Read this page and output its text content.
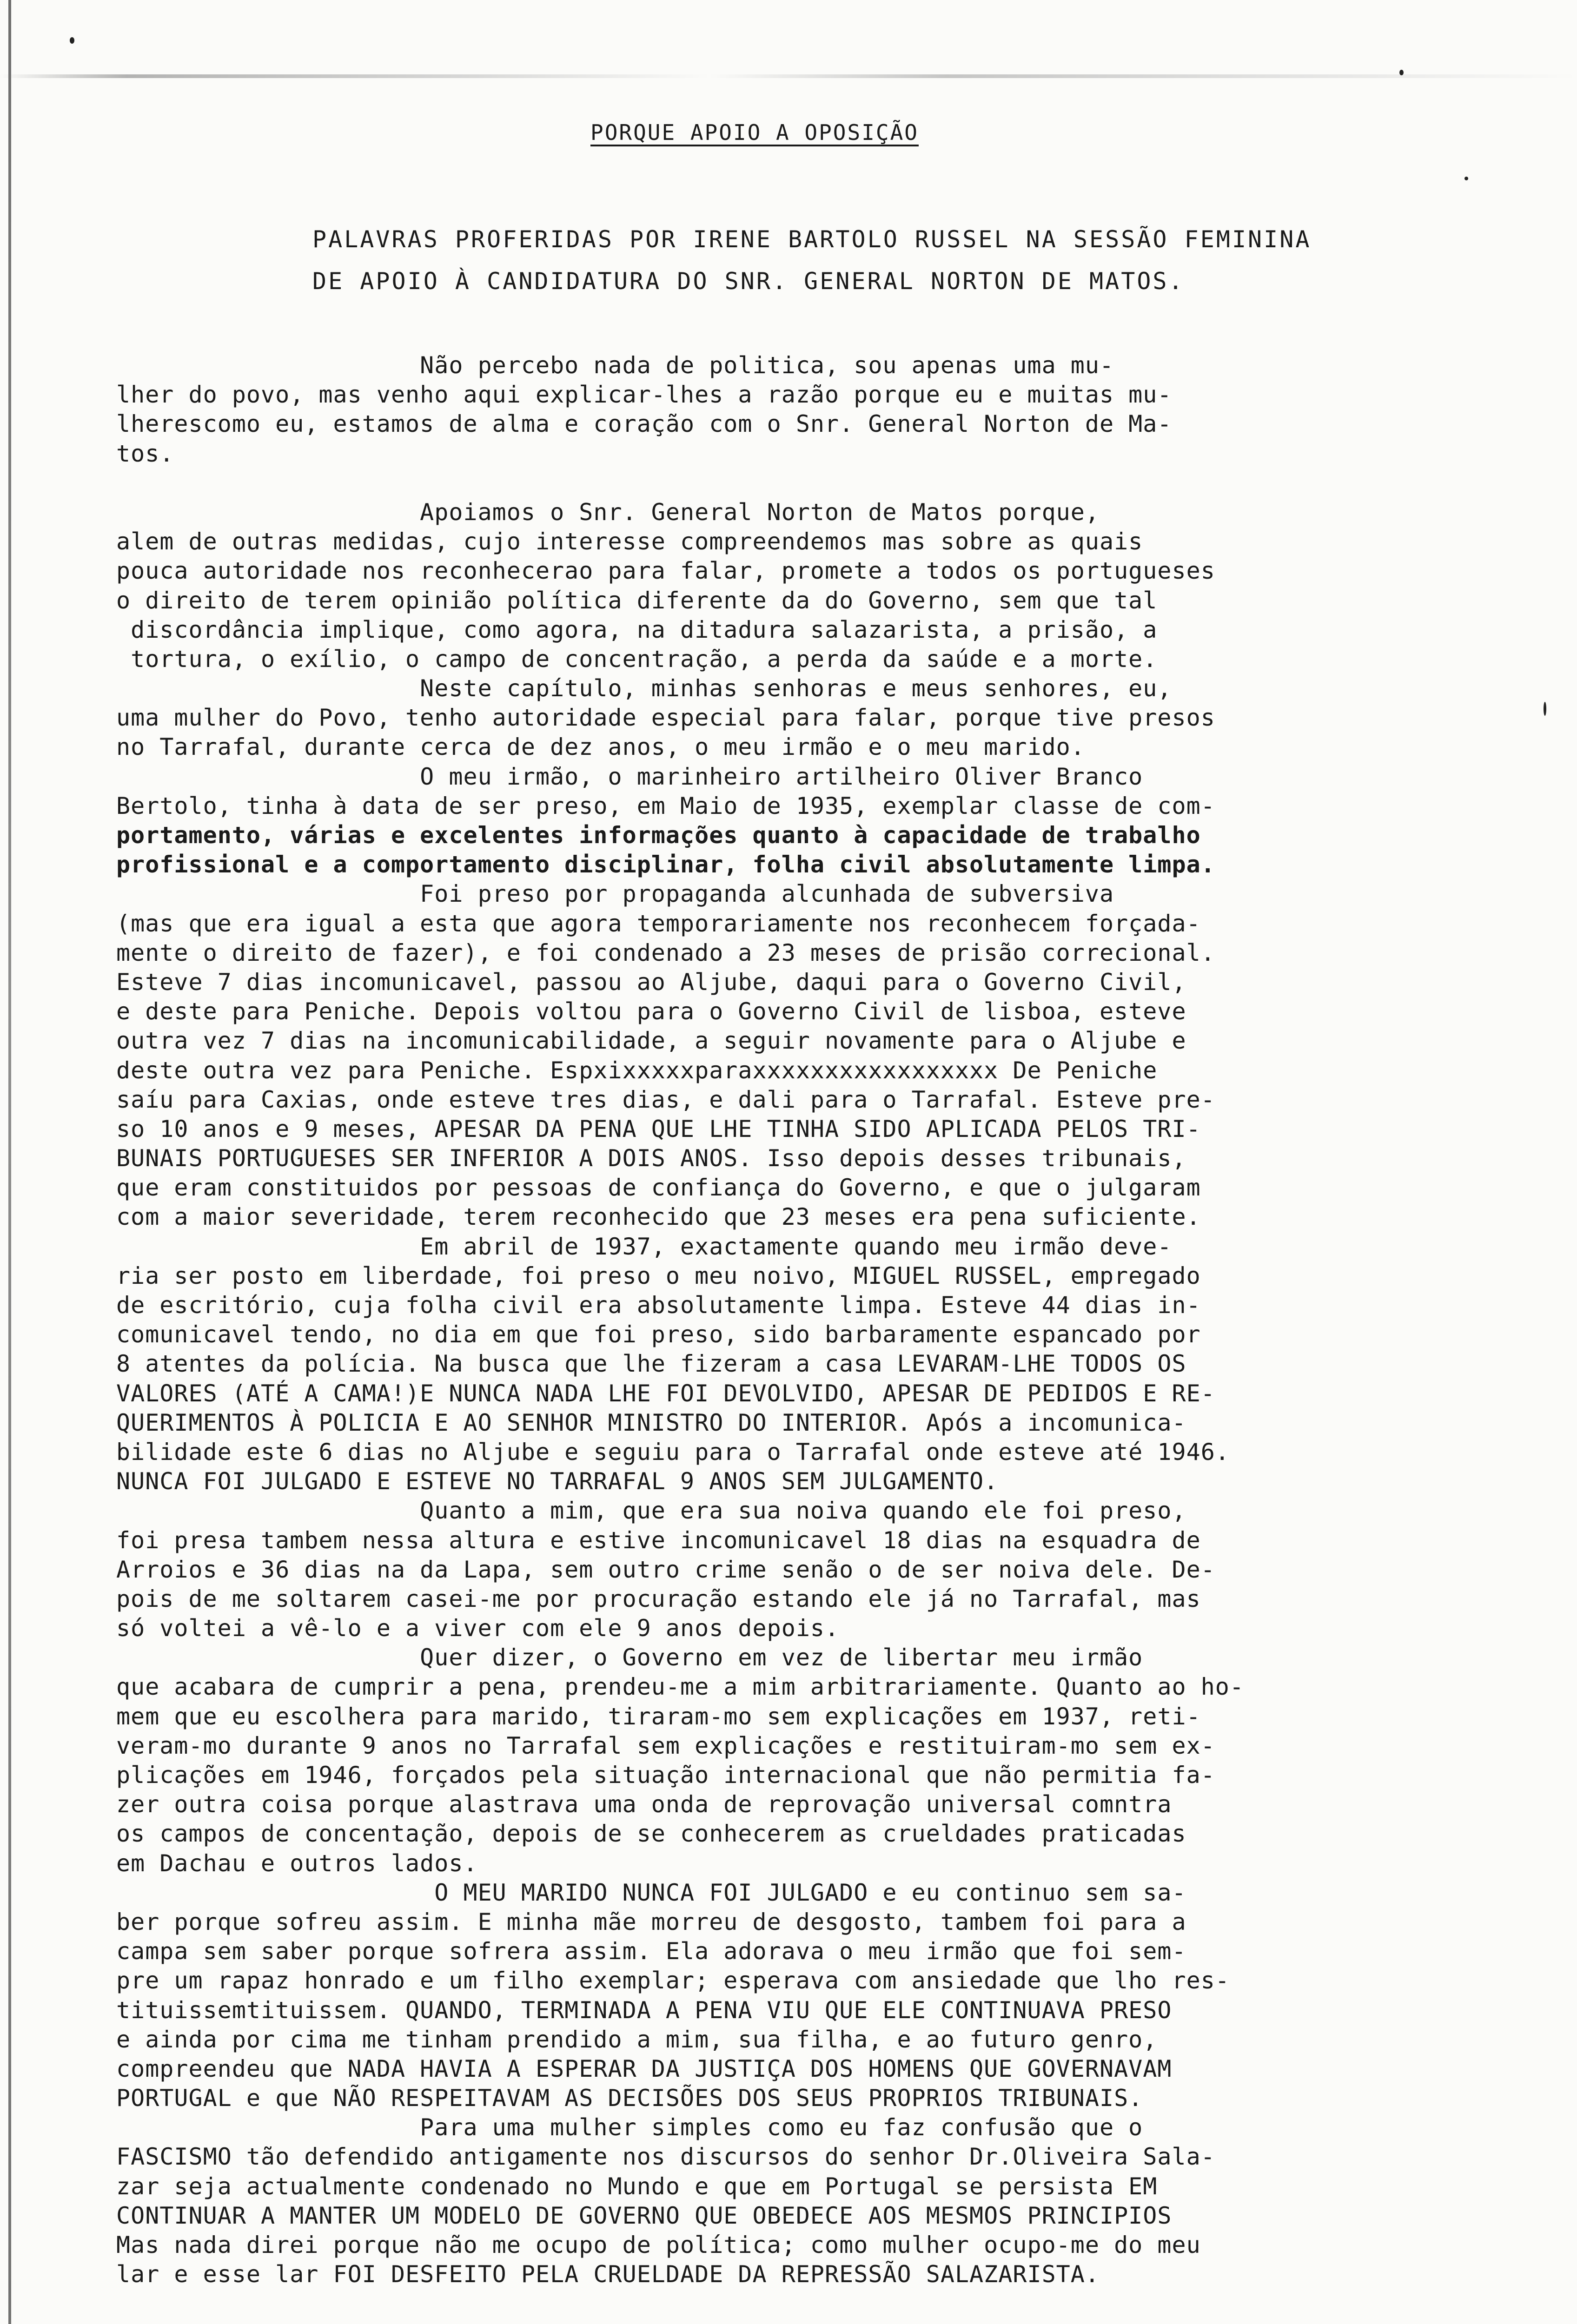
PORQUE APOIO A OPOSIÇÃO
PALAVRAS PROFERIDAS POR IRENE BARTOLO RUSSEL NA SESSÃO FEMININA
DE APOIO À CANDIDATURA DO SNR. GENERAL NORTON DE MATOS.
Não percebo nada de politica, sou apenas uma mu-
lher do povo, mas venho aqui explicar-lhes a razão porque eu e muitas mu-
lherescomo eu, estamos de alma e coração com o Snr. General Norton de Ma-
tos.
Apoiamos o Snr. General Norton de Matos porque,
alem de outras medidas, cujo interesse compreendemos mas sobre as quais
pouca autoridade nos reconhecerao para falar, promete a todos os portugueses
o direito de terem opinião política diferente da do Governo, sem que tal
discordância implique, como agora, na ditadura salazarista, a prisão, a
tortura, o exílio, o campo de concentração, a perda da saúde e a morte.
Neste capítulo, minhas senhoras e meus senhores, eu,
uma mulher do Povo, tenho autoridade especial para falar, porque tive presos
no Tarrafal, durante cerca de dez anos, o meu irmão e o meu marido.
O meu irmão, o marinheiro artilheiro Oliver Branco
Bertolo, tinha à data de ser preso, em Maio de 1935, exemplar classe de com-
portamento, várias e excelentes informações quanto à capacidade de trabalho
profissional e a comportamento disciplinar, folha civil absolutamente limpa.
Foi preso por propaganda alcunhada de subversiva
(mas que era igual a esta que agora temporariamente nos reconhecem forçada-
mente o direito de fazer), e foi condenado a 23 meses de prisão correcional.
Esteve 7 dias incomunicavel, passou ao Aljube, daqui para o Governo Civil,
e deste para Peniche. Depois voltou para o Governo Civil de lisboa, esteve
outra vez 7 dias na incomunicabilidade, a seguir novamente para o Aljube e
deste outra vez para Peniche. Espxixxxxxparaxxxxxxxxxxxxxxxxx De Peniche
saíu para Caxias, onde esteve tres dias, e dali para o Tarrafal. Esteve pre-
so 10 anos e 9 meses, APESAR DA PENA QUE LHE TINHA SIDO APLICADA PELOS TRI-
BUNAIS PORTUGUESES SER INFERIOR A DOIS ANOS. Isso depois desses tribunais,
que eram constituidos por pessoas de confiança do Governo, e que o julgaram
com a maior severidade, terem reconhecido que 23 meses era pena suficiente.
Em abril de 1937, exactamente quando meu irmão deve-
ria ser posto em liberdade, foi preso o meu noivo, MIGUEL RUSSEL, empregado
de escritório, cuja folha civil era absolutamente limpa. Esteve 44 dias in-
comunicavel tendo, no dia em que foi preso, sido barbaramente espancado por
8 atentes da polícia. Na busca que lhe fizeram a casa LEVARAM-LHE TODOS OS
VALORES (ATÉ A CAMA!)E NUNCA NADA LHE FOI DEVOLVIDO, APESAR DE PEDIDOS E RE-
QUERIMENTOS À POLICIA E AO SENHOR MINISTRO DO INTERIOR. Após a incomunica-
bilidade este 6 dias no Aljube e seguiu para o Tarrafal onde esteve até 1946.
NUNCA FOI JULGADO E ESTEVE NO TARRAFAL 9 ANOS SEM JULGAMENTO.
Quanto a mim, que era sua noiva quando ele foi preso,
foi presa tambem nessa altura e estive incomunicavel 18 dias na esquadra de
Arroios e 36 dias na da Lapa, sem outro crime senão o de ser noiva dele. De-
pois de me soltarem casei-me por procuração estando ele já no Tarrafal, mas
só voltei a vê-lo e a viver com ele 9 anos depois.
Quer dizer, o Governo em vez de libertar meu irmão
que acabara de cumprir a pena, prendeu-me a mim arbitrariamente. Quanto ao ho-
mem que eu escolhera para marido, tiraram-mo sem explicações em 1937, reti-
veram-mo durante 9 anos no Tarrafal sem explicações e restituiram-mo sem ex-
plicações em 1946, forçados pela situação internacional que não permitia fa-
zer outra coisa porque alastrava uma onda de reprovação universal comntra
os campos de concentação, depois de se conhecerem as crueldades praticadas
em Dachau e outros lados.
O MEU MARIDO NUNCA FOI JULGADO e eu continuo sem sa-
ber porque sofreu assim. E minha mãe morreu de desgosto, tambem foi para a
campa sem saber porque sofrera assim. Ela adorava o meu irmão que foi sem-
pre um rapaz honrado e um filho exemplar; esperava com ansiedade que lho res-
tituissemtituissem. QUANDO, TERMINADA A PENA VIU QUE ELE CONTINUAVA PRESO
e ainda por cima me tinham prendido a mim, sua filha, e ao futuro genro,
compreendeu que NADA HAVIA A ESPERAR DA JUSTIÇA DOS HOMENS QUE GOVERNAVAM
PORTUGAL e que NÃO RESPEITAVAM AS DECISÕES DOS SEUS PROPRIOS TRIBUNAIS.
Para uma mulher simples como eu faz confusão que o
FASCISMO tão defendido antigamente nos discursos do senhor Dr.Oliveira Sala-
zar seja actualmente condenado no Mundo e que em Portugal se persista EM
CONTINUAR A MANTER UM MODELO DE GOVERNO QUE OBEDECE AOS MESMOS PRINCIPIOS
Mas nada direi porque não me ocupo de política; como mulher ocupo-me do meu
lar e esse lar FOI DESFEITO PELA CRUELDADE DA REPRESSÃO SALAZARISTA.
